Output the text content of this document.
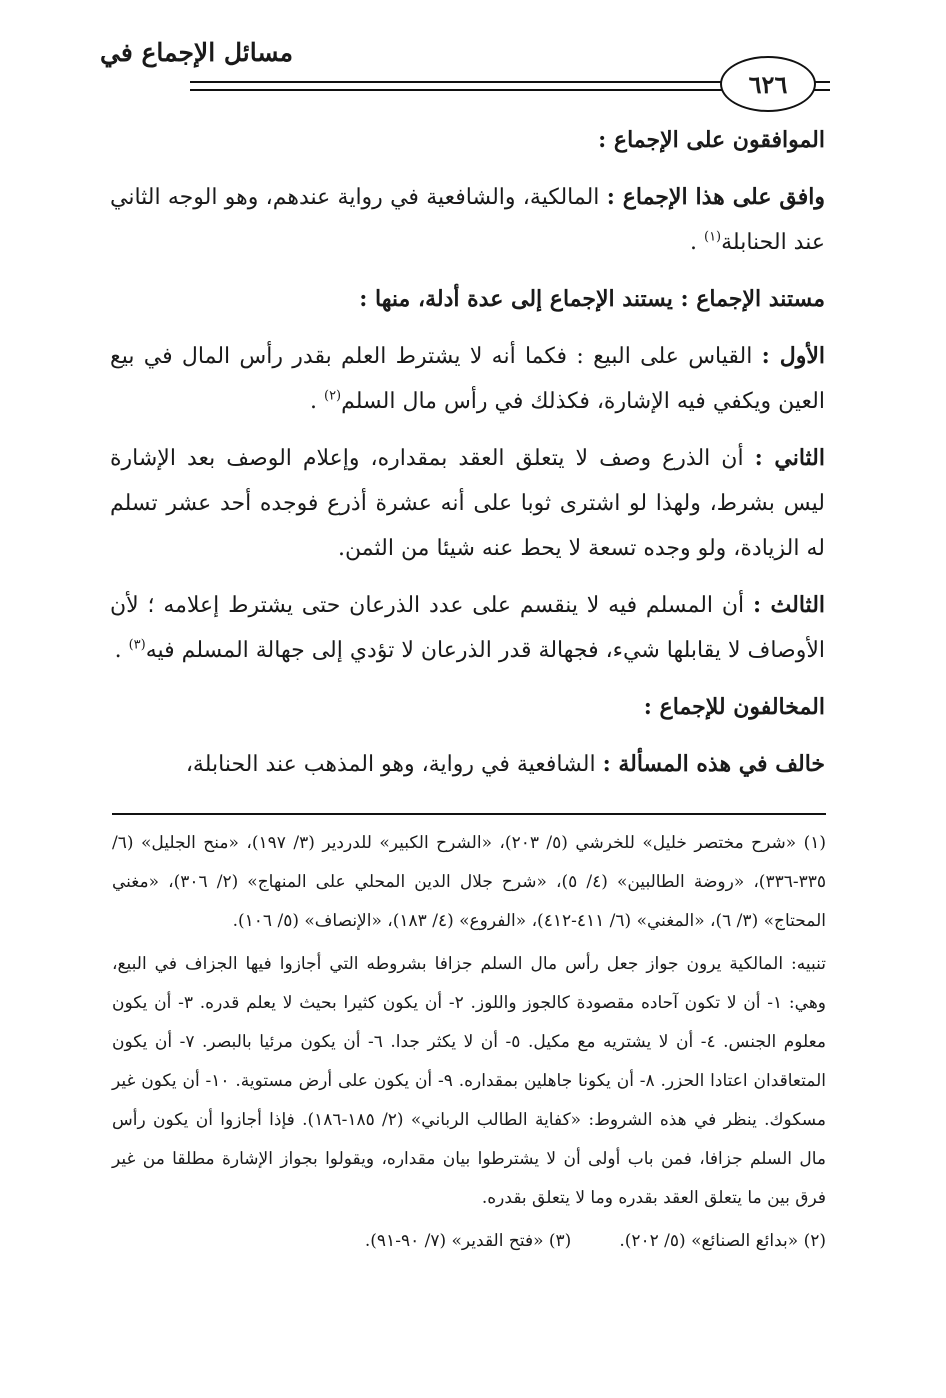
مسائل الإجماع في
٦٢٦

الموافقون على الإجماع :

وافق على هذا الإجماع : المالكية، والشافعية في رواية عندهم، وهو الوجه الثاني عند الحنابلة$^{(١)}$ .

مستند الإجماع : يستند الإجماع إلى عدة أدلة، منها :

الأول : القياس على البيع : فكما أنه لا يشترط العلم بقدر رأس المال في بيع العين ويكفي فيه الإشارة، فكذلك في رأس مال السلم$^{(٢)}$ .

الثاني : أن الذرع وصف لا يتعلق العقد بمقداره، وإعلام الوصف بعد الإشارة ليس بشرط، ولهذا لو اشترى ثوبا على أنه عشرة أذرع فوجده أحد عشر تسلم له الزيادة، ولو وجده تسعة لا يحط عنه شيئا من الثمن.

الثالث : أن المسلم فيه لا ينقسم على عدد الذرعان حتى يشترط إعلامه ؛ لأن الأوصاف لا يقابلها شيء، فجهالة قدر الذرعان لا تؤدي إلى جهالة المسلم فيه$^{(٣)}$ .

المخالفون للإجماع :

خالف في هذه المسألة : الشافعية في رواية، وهو المذهب عند الحنابلة،

(١) «شرح مختصر خليل» للخرشي (٥/ ٢٠٣)، «الشرح الكبير» للدردير (٣/ ١٩٧)، «منح الجليل» (٦/ ٣٣٥-٣٣٦)، «روضة الطالبين» (٤/ ٥)، «شرح جلال الدين المحلي على المنهاج» (٢/ ٣٠٦)، «مغني المحتاج» (٣/ ٦)، «المغني» (٦/ ٤١١-٤١٢)، «الفروع» (٤/ ١٨٣)، «الإنصاف» (٥/ ١٠٦).

تنبيه: المالكية يرون جواز جعل رأس مال السلم جزافا بشروطه التي أجازوا فيها الجزاف في البيع، وهي: ١- أن لا تكون آحاده مقصودة كالجوز واللوز. ٢- أن يكون كثيرا بحيث لا يعلم قدره. ٣- أن يكون معلوم الجنس. ٤- أن لا يشتريه مع مكيل. ٥- أن لا يكثر جدا. ٦- أن يكون مرئيا بالبصر. ٧- أن يكون المتعاقدان اعتادا الحزر. ٨- أن يكونا جاهلين بمقداره. ٩- أن يكون على أرض مستوية. ١٠- أن يكون غير مسكوك. ينظر في هذه الشروط: «كفاية الطالب الرباني» (٢/ ١٨٥-١٨٦). فإذا أجازوا أن يكون رأس مال السلم جزافا، فمن باب أولى أن لا يشترطوا بيان مقداره، ويقولوا بجواز الإشارة مطلقا من غير فرق بين ما يتعلق العقد بقدره وما لا يتعلق بقدره.

(٢) «بدائع الصنائع» (٥/ ٢٠٢).
(٣) «فتح القدير» (٧/ ٩٠-٩١).
